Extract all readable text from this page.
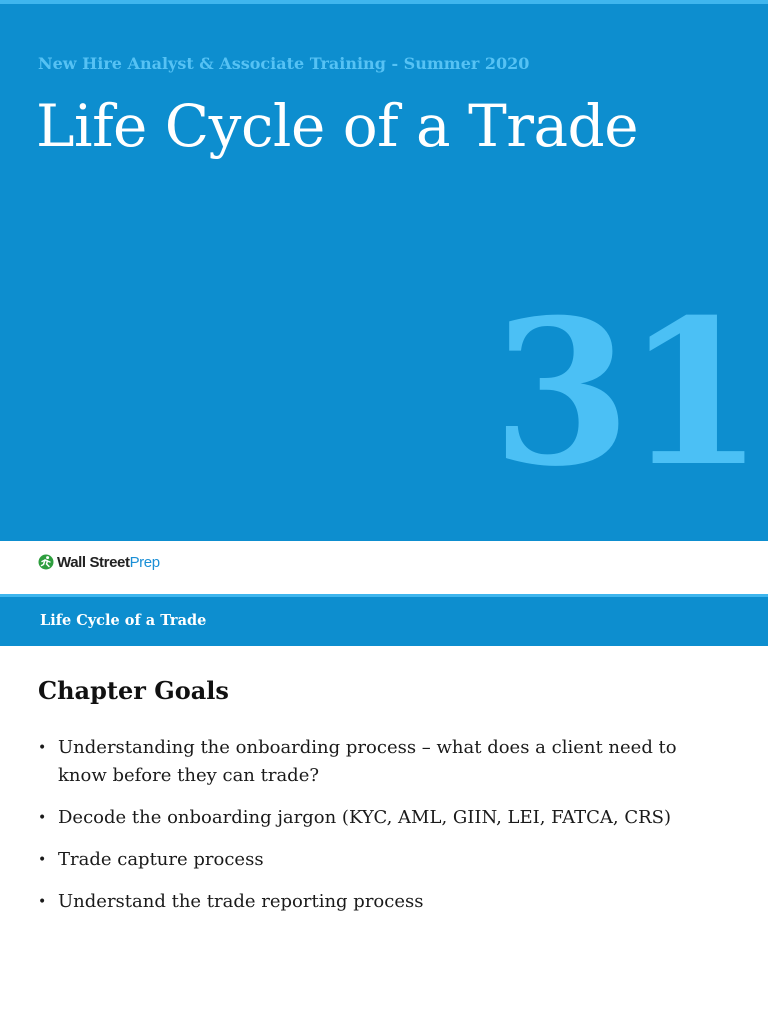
New Hire Analyst & Associate Training - Summer 2020
Life Cycle of a Trade
31
Wall Street Prep
Life Cycle of a Trade
Chapter Goals
• Understanding the onboarding process – what does a client need to know before they can trade?
• Decode the onboarding jargon (KYC, AML, GIIN, LEI, FATCA, CRS)
• Trade capture process
• Understand the trade reporting process
